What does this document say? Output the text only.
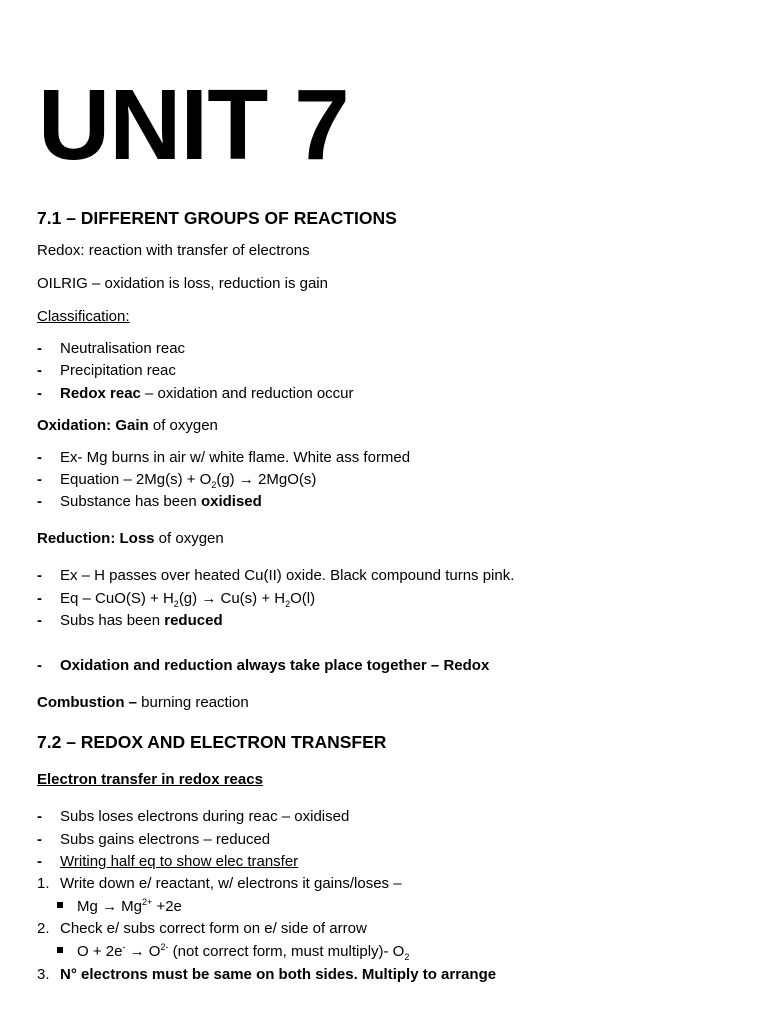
UNIT 7
7.1 – DIFFERENT GROUPS OF REACTIONS
Redox: reaction with transfer of electrons
OILRIG – oxidation is loss, reduction is gain
Classification:
- Neutralisation reac
- Precipitation reac
- Redox reac – oxidation and reduction occur
Oxidation: Gain of oxygen
- Ex- Mg burns in air w/ white flame. White ass formed
- Equation – $2Mg(s) + O_2(g) \to 2MgO(s)$
- Substance has been oxidised
Reduction: Loss of oxygen
- Ex – H passes over heated Cu(II) oxide. Black compound turns pink.
- $Eq - CuO(S) + H_2(g) \to Cu(s) + H_2O(l)$
- Subs has been reduced
- Oxidation and reduction always take place together – Redox
Combustion – burning reaction
7.2 – REDOX AND ELECTRON TRANSFER
Electron transfer in redox reacs
- Subs loses electrons during reac – oxidised
- Subs gains electrons – reduced
- Writing half eq to show elec transfer
1. Write down e/ reactant, w/ electrons it gains/loses –
$Mg \to Mg^{2+} +2e$
2. Check e/ subs correct form on e/ side of arrow
$O + 2e^- \to O^{2-}$ (not correct form, must multiply)- $O_2$
3. N° electrons must be same on both sides. Multiply to arrange
